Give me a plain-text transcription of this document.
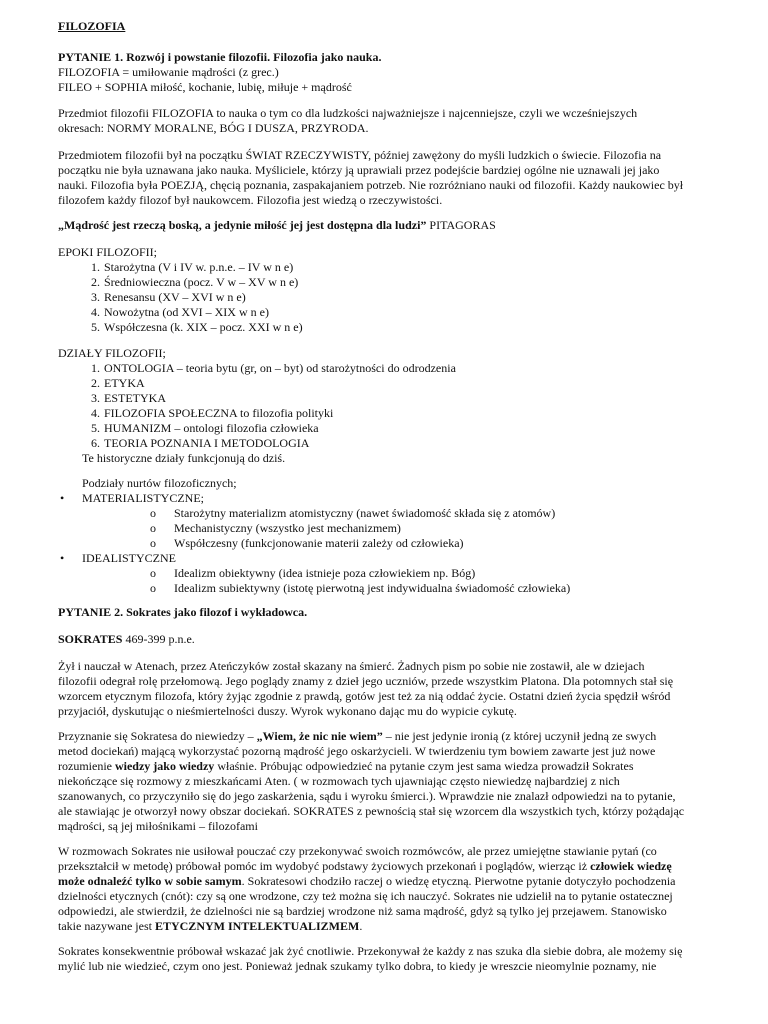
FILOZOFIA
PYTANIE 1. Rozwój i powstanie filozofii. Filozofia jako nauka.
FILOZOFIA = umiłowanie mądrości (z grec.)
FILEO + SOPHIA miłość, kochanie, lubię, miłuje + mądrość
Przedmiot filozofii FILOZOFIA to nauka o tym co dla ludzkości najważniejsze i najcenniejsze, czyli we wcześniejszych
okresach: NORMY MORALNE, BÓG I DUSZA, PRZYRODA.
Przedmiotem filozofii był na początku ŚWIAT RZECZYWISTY, później zawężony do myśli ludzkich o świecie. Filozofia na
początku nie była uznawana jako nauka. Myśliciele, którzy ją uprawiali przez podejście bardziej ogólne nie uznawali jej jako
nauki. Filozofia była POEZJĄ, chęcią poznania, zaspakajaniem potrzeb. Nie rozróżniano nauki od filozofii. Każdy naukowiec był
filozofem każdy filozof był naukowcem. Filozofia jest wiedzą o rzeczywistości.
„Mądrość jest rzeczą boską, a jedynie miłość jej jest dostępna dla ludzi” PITAGORAS
EPOKI FILOZOFII;
1. Starożytna (V i IV w. p.n.e. – IV w n e)
2. Średniowieczna (pocz. V w – XV w n e)
3. Renesansu (XV – XVI w n e)
4. Nowożytna (od XVI – XIX w n e)
5. Współczesna (k. XIX – pocz. XXI w n e)
DZIAŁY FILOZOFII;
1. ONTOLOGIA – teoria bytu (gr, on – byt) od starożytności do odrodzenia
2. ETYKA
3. ESTETYKA
4. FILOZOFIA SPOŁECZNA to filozofia polityki
5. HUMANIZM – ontologi filozofia człowieka
6. TEORIA POZNANIA I METODOLOGIA
Te historyczne działy funkcjonują do dziś.
Podziały nurtów filozoficznych;
• MATERIALISTYCZNE;
o Starożytny materializm atomistyczny (nawet świadomość składa się z atomów)
o Mechanistyczny (wszystko jest mechanizmem)
o Współczesny (funkcjonowanie materii zależy od człowieka)
• IDEALISTYCZNE
o Idealizm obiektywny (idea istnieje poza człowiekiem np. Bóg)
o Idealizm subiektywny (istotę pierwotną jest indywidualna świadomość człowieka)
PYTANIE 2. Sokrates jako filozof i wykładowca.
SOKRATES 469-399 p.n.e.
Żył i nauczał w Atenach, przez Ateńczyków został skazany na śmierć. Żadnych pism po sobie nie zostawił, ale w dziejach
filozofii odegrał rolę przełomową. Jego poglądy znamy z dzieł jego uczniów, przede wszystkim Platona. Dla potomnych stał się
wzorcem etycznym filozofa, który żyjąc zgodnie z prawdą, gotów jest też za nią oddać życie. Ostatni dzień życia spędził wśród
przyjaciół, dyskutując o nieśmiertelności duszy. Wyrok wykonano dając mu do wypicie cykutę.
Przyznanie się Sokratesa do niewiedzy – „Wiem, że nic nie wiem” – nie jest jedynie ironią (z której uczynił jedną ze swych
metod dociekań) mającą wykorzystać pozorną mądrość jego oskarżycieli. W twierdzeniu tym bowiem zawarte jest już nowe
rozumienie wiedzy jako wiedzy właśnie. Próbując odpowiedzieć na pytanie czym jest sama wiedza prowadził Sokrates
niekończące się rozmowy z mieszkańcami Aten. ( w rozmowach tych ujawniając często niewiedzę najbardziej z nich
szanowanych, co przyczyniło się do jego zaskarżenia, sądu i wyroku śmierci.). Wprawdzie nie znalazł odpowiedzi na to pytanie,
ale stawiając je otworzył nowy obszar dociekań. SOKRATES z pewnością stał się wzorcem dla wszystkich tych, którzy pożądając
mądrości, są jej miłośnikami – filozofami
W rozmowach Sokrates nie usiłował pouczać czy przekonywać swoich rozmówców, ale przez umiejętne stawianie pytań (co
przekształcił w metodę) próbował pomóc im wydobyć podstawy życiowych przekonań i poglądów, wierząc iż człowiek wiedzę
może odnaleźć tylko w sobie samym. Sokratesowi chodziło raczej o wiedzę etyczną. Pierwotne pytanie dotyczyło pochodzenia
dzielności etycznych (cnót): czy są one wrodzone, czy też można się ich nauczyć. Sokrates nie udzielił na to pytanie ostatecznej
odpowiedzi, ale stwierdził, że dzielności nie są bardziej wrodzone niż sama mądrość, gdyż są tylko jej przejawem. Stanowisko
takie nazywane jest ETYCZNYM INTELEKTUALIZMEM.
Sokrates konsekwentnie próbował wskazać jak żyć cnotliwie. Przekonywał że każdy z nas szuka dla siebie dobra, ale możemy się
mylić lub nie wiedzieć, czym ono jest. Ponieważ jednak szukamy tylko dobra, to kiedy je wreszcie nieomylnie poznamy, nie
